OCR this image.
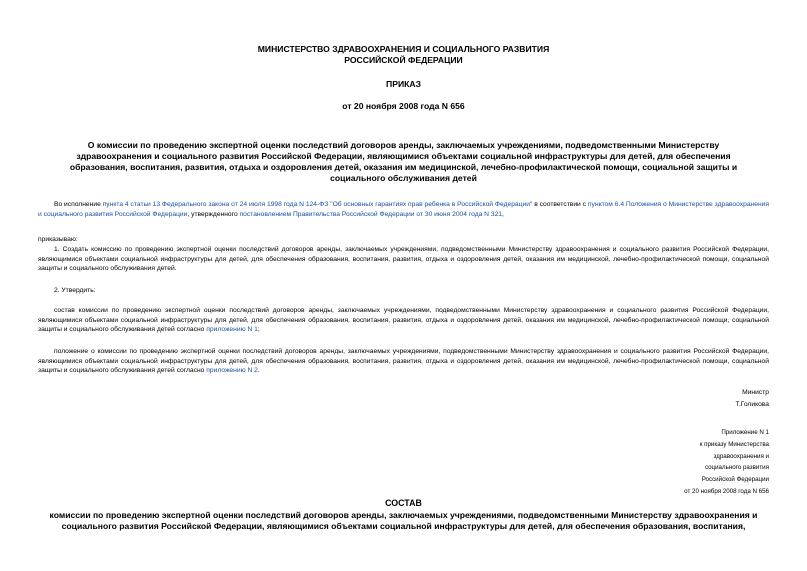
МИНИСТЕРСТВО ЗДРАВООХРАНЕНИЯ И СОЦИАЛЬНОГО РАЗВИТИЯ
РОССИЙСКОЙ ФЕДЕРАЦИИ
ПРИКАЗ
от 20 ноября 2008 года N 656
О комиссии по проведению экспертной оценки последствий договоров аренды, заключаемых учреждениями, подведомственными Министерству здравоохранения и социального развития Российской Федерации, являющимися объектами социальной инфраструктуры для детей, для обеспечения образования, воспитания, развития, отдыха и оздоровления детей, оказания им медицинской, лечебно-профилактической помощи, социальной защиты и социального обслуживания детей

Во исполнение пункта 4 статьи 13 Федерального закона от 24 июля 1998 года N 124-ФЗ "Об основных гарантиях прав ребенка в Российской Федерации" в соответствии с пунктом 6.4 Положения о Министерстве здравоохранения и социального развития Российской Федерации, утвержденного постановлением Правительства Российской Федерации от 30 июня 2004 года N 321,

приказываю:

1. Создать комиссию по проведению экспертной оценки последствий договоров аренды, заключаемых учреждениями, подведомственными Министерству здравоохранения и социального развития Российской Федерации, являющимися объектами социальной инфраструктуры для детей, для обеспечения образования, воспитания, развития, отдыха и оздоровления детей, оказания им медицинской, лечебно-профилактической помощи, социальной защиты и социального обслуживания детей.

2. Утвердить:

состав комиссии по проведению экспертной оценки последствий договоров аренды, заключаемых учреждениями, подведомственными Министерству здравоохранения и социального развития Российской Федерации, являющимися объектами социальной инфраструктуры для детей, для обеспечения образования, воспитания, развития, отдыха и оздоровления детей, оказания им медицинской, лечебно-профилактической помощи, социальной защиты и социального обслуживания детей согласно приложению N 1;

положение о комиссии по проведению экспертной оценки последствий договоров аренды, заключаемых учреждениями, подведомственными Министерству здравоохранения и социального развития Российской Федерации, являющимися объектами социальной инфраструктуры для детей, для обеспечения образования, воспитания, развития, отдыха и оздоровления детей, оказания им медицинской, лечебно-профилактической помощи, социальной защиты и социального обслуживания детей согласно приложению N 2.

Министр
Т.Голикова
Приложение N 1
к приказу Министерства
здравоохранения и
социального развития
Российской Федерации
от 20 ноября 2008 года N 656
СОСТАВ
комиссии по проведению экспертной оценки последствий договоров аренды, заключаемых учреждениями, подведомственными Министерству здравоохранения и социального развития Российской Федерации, являющимися объектами социальной инфраструктуры для детей, для обеспечения образования, воспитания,
